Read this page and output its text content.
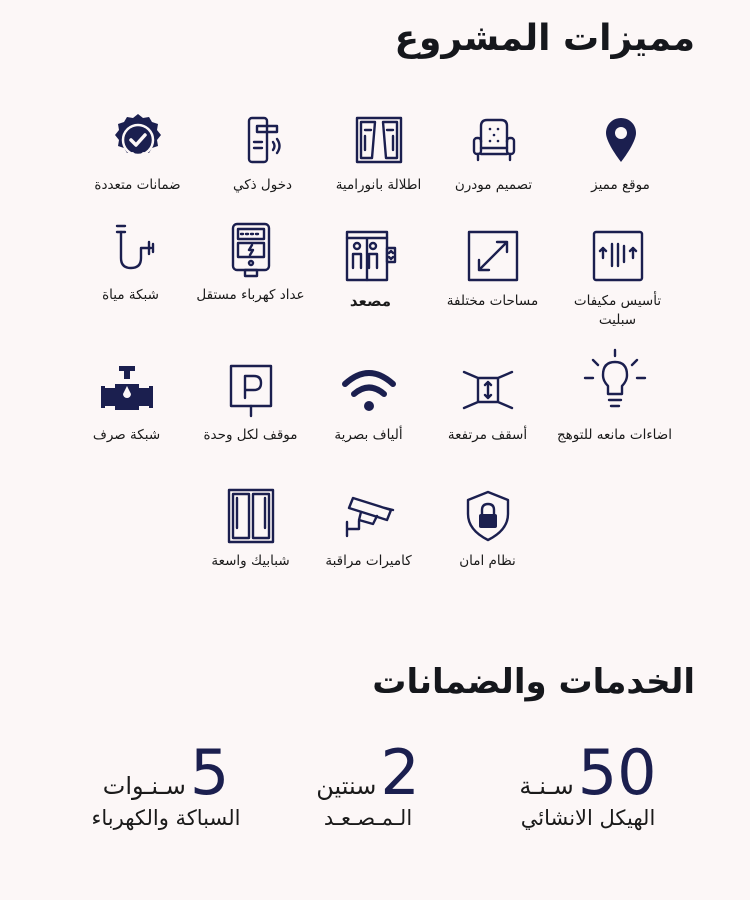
مميزات المشروع
موقع مميز
تصميم مودرن
اطلالة بانورامية
دخول ذكي
ضمانات متعددة
تأسيس مكيفات سبليت
مساحات مختلفة
مصعد
عداد كهرباء مستقل
شبكة مياة
اضاءات مانعه للتوهج
أسقف مرتفعة
ألياف بصرية
موقف لكل وحدة
شبكة صرف
نظام امان
كاميرات مراقبة
شبابيك واسعة
الخدمات والضمانات
50
سـنـة
الهيكل الانشائي
2
سنتين
الـمـصـعـد
5
سـنـوات
السباكة والكهرباء
